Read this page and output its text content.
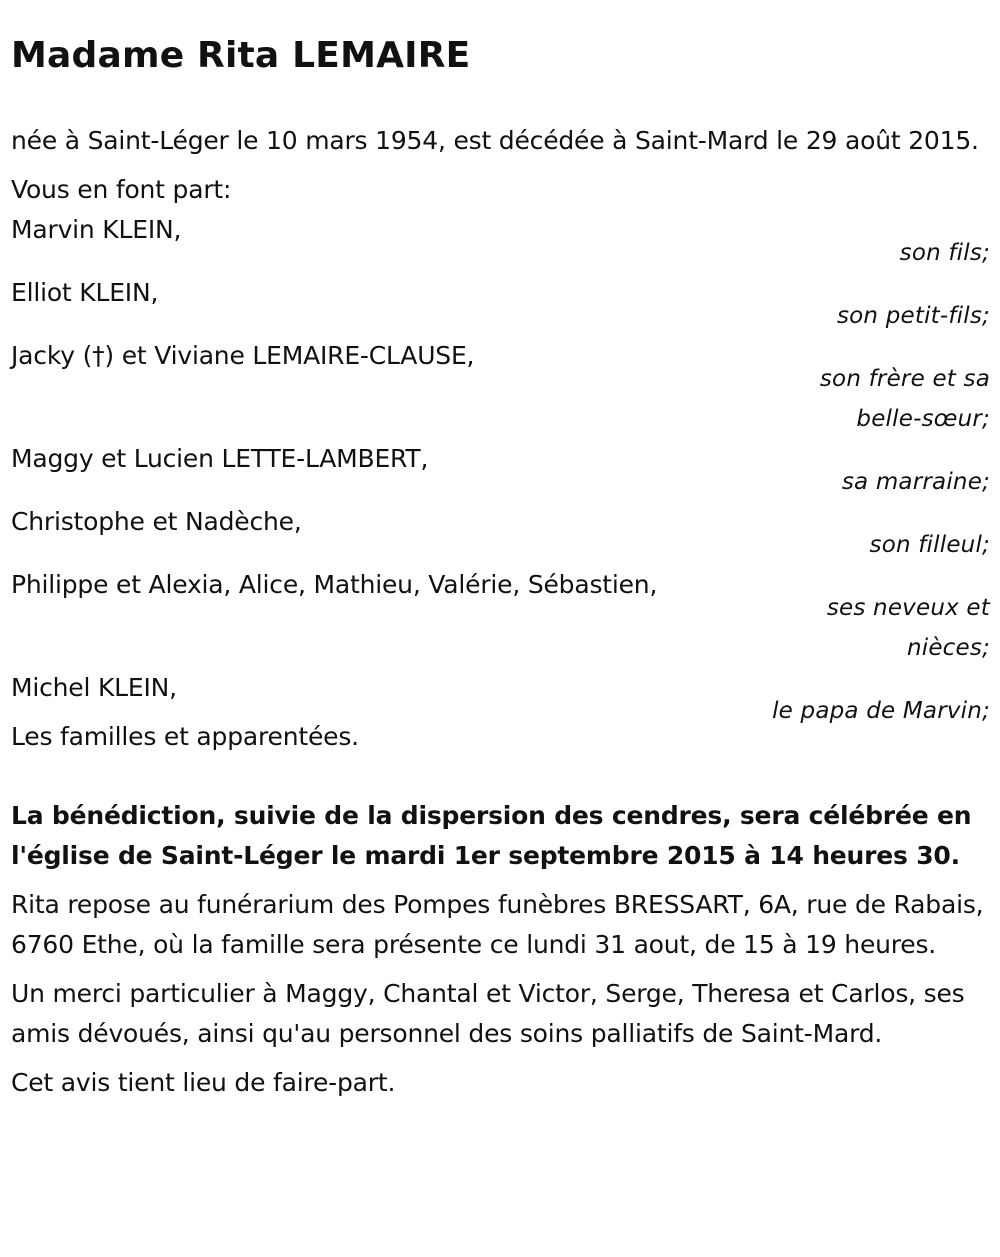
Madame Rita LEMAIRE

née à Saint-Léger le 10 mars 1954, est décédée à Saint-Mard le 29 août 2015.

Vous en font part:

Marvin KLEIN,
son fils;
Elliot KLEIN,
son petit-fils;
Jacky (†) et Viviane LEMAIRE-CLAUSE,
son frère et sa belle-sœur;
Maggy et Lucien LETTE-LAMBERT,
sa marraine;
Christophe et Nadèche,
son filleul;
Philippe et Alexia, Alice, Mathieu, Valérie, Sébastien,
ses neveux et nièces;
Michel KLEIN,
le papa de Marvin;

Les familles et apparentées.

La bénédiction, suivie de la dispersion des cendres, sera célébrée en l'église de Saint-Léger le mardi 1er septembre 2015 à 14 heures 30.

Rita repose au funérarium des Pompes funèbres BRESSART, 6A, rue de Rabais, 6760 Ethe, où la famille sera présente ce lundi 31 aout, de 15 à 19 heures.

Un merci particulier à Maggy, Chantal et Victor, Serge, Theresa et Carlos, ses amis dévoués, ainsi qu'au personnel des soins palliatifs de Saint-Mard.

Cet avis tient lieu de faire-part.
